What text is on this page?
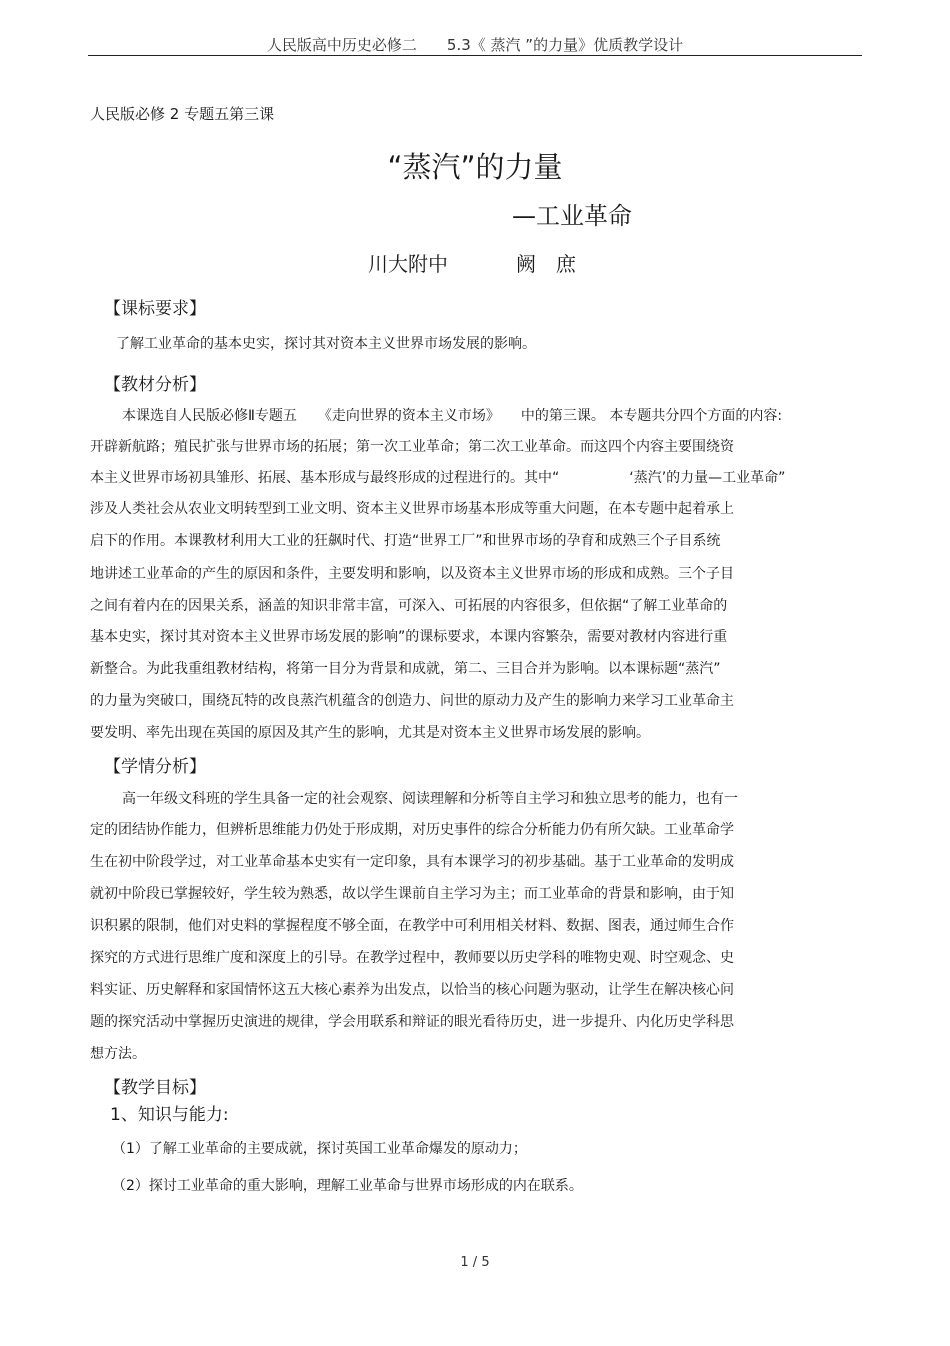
人民版高中历史必修二　　5.3《 蒸汽 ”的力量》优质教学设计
人民版必修 2 专题五第三课
“蒸汽”的力量
—工业革命
川大附中	阙庶
【课标要求】
了解工业革命的基本史实，探讨其对资本主义世界市场发展的影响。
【教材分析】
本课选自人民版必修Ⅱ专题五　　《走向世界的资本主义市场》　　中的第三课。 本专题共分四个方面的内容:
开辟新航路；殖民扩张与世界市场的拓展；第一次工业革命；第二次工业革命。而这四个内容主要围绕资
本主义世界市场初具雏形、拓展、基本形成与最终形成的过程进行的。其中“　　　　　‘蒸汽’的力量—工业革命”
涉及人类社会从农业文明转型到工业文明、资本主义世界市场基本形成等重大问题，在本专题中起着承上
启下的作用。本课教材利用大工业的狂飙时代、打造“世界工厂”和世界市场的孕育和成熟三个子目系统
地讲述工业革命的产生的原因和条件，主要发明和影响，以及资本主义世界市场的形成和成熟。三个子目
之间有着内在的因果关系，涵盖的知识非常丰富，可深入、可拓展的内容很多，但依据“了解工业革命的
基本史实，探讨其对资本主义世界市场发展的影响”的课标要求，本课内容繁杂，需要对教材内容进行重
新整合。为此我重组教材结构，将第一目分为背景和成就，第二、三目合并为影响。以本课标题“蒸汽”
的力量为突破口，围绕瓦特的改良蒸汽机蕴含的创造力、问世的原动力及产生的影响力来学习工业革命主
要发明、率先出现在英国的原因及其产生的影响，尤其是对资本主义世界市场发展的影响。
【学情分析】
高一年级文科班的学生具备一定的社会观察、阅读理解和分析等自主学习和独立思考的能力，也有一
定的团结协作能力，但辨析思维能力仍处于形成期，对历史事件的综合分析能力仍有所欠缺。工业革命学
生在初中阶段学过，对工业革命基本史实有一定印象，具有本课学习的初步基础。基于工业革命的发明成
就初中阶段已掌握较好，学生较为熟悉，故以学生课前自主学习为主；而工业革命的背景和影响，由于知
识积累的限制，他们对史料的掌握程度不够全面，在教学中可利用相关材料、数据、图表，通过师生合作
探究的方式进行思维广度和深度上的引导。在教学过程中，教师要以历史学科的唯物史观、时空观念、史
料实证、历史解释和家国情怀这五大核心素养为出发点，以恰当的核心问题为驱动，让学生在解决核心问
题的探究活动中掌握历史演进的规律，学会用联系和辩证的眼光看待历史，进一步提升、内化历史学科思
想方法。
【教学目标】
1、知识与能力:
（1）了解工业革命的主要成就，探讨英国工业革命爆发的原动力；
（2）探讨工业革命的重大影响，理解工业革命与世界市场形成的内在联系。
1 / 5
